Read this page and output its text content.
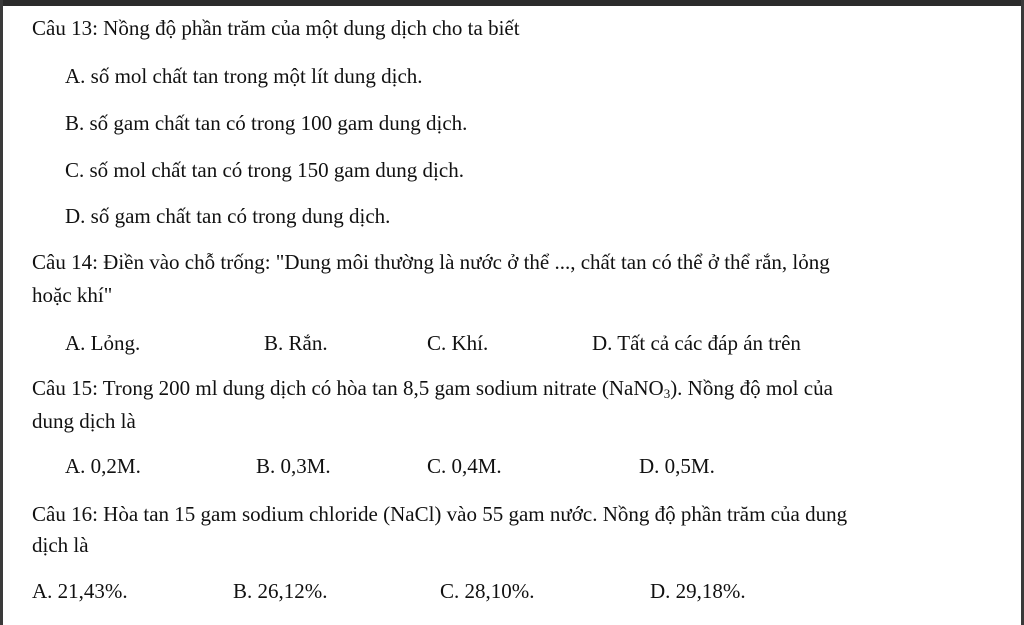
Câu 13: Nồng độ phần trăm của một dung dịch cho ta biết
A. số mol chất tan trong một lít dung dịch.
B. số gam chất tan có trong 100 gam dung dịch.
C. số mol chất tan có trong 150 gam dung dịch.
D. số gam chất tan có trong dung dịch.
Câu 14: Điền vào chỗ trống: "Dung môi thường là nước ở thể ..., chất tan có thể ở thể rắn, lỏng
hoặc khí"
A. Lỏng.	B. Rắn.	C. Khí.	D. Tất cả các đáp án trên
Câu 15: Trong 200 ml dung dịch có hòa tan 8,5 gam sodium nitrate (NaNO$_3$). Nồng độ mol của
dung dịch là
A. 0,2M.	B. 0,3M.	C. 0,4M.	D. 0,5M.
Câu 16: Hòa tan 15 gam sodium chloride (NaCl) vào 55 gam nước. Nồng độ phần trăm của dung
dịch là
A. 21,43%.	B. 26,12%.	C. 28,10%.	D. 29,18%.
